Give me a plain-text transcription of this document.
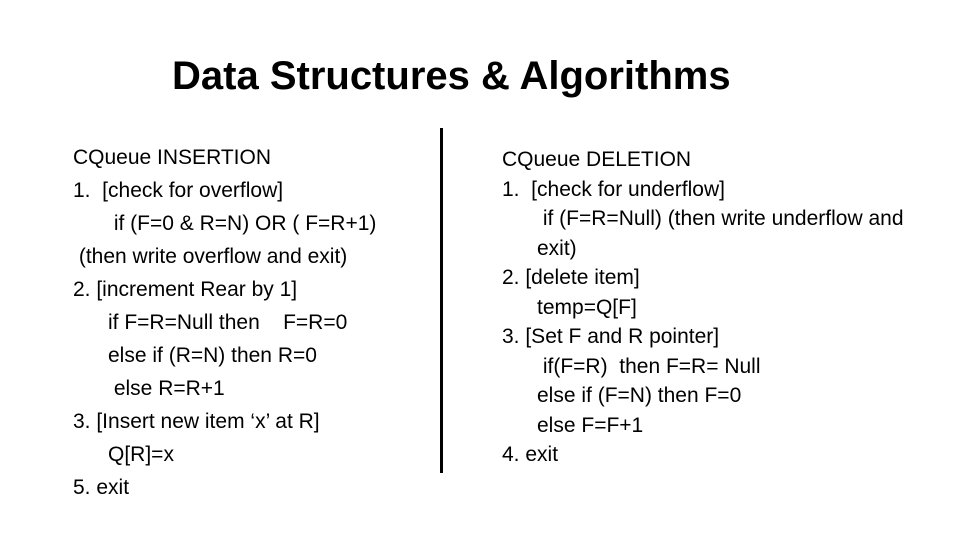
Data Structures & Algorithms
CQueue INSERTION
1.  [check for overflow]
if (F=0 & R=N) OR ( F=R+1)
(then write overflow and exit)
2. [increment Rear by 1]
if F=R=Null then    F=R=0
else if (R=N) then R=0
else R=R+1
3. [Insert new item ‘x’ at R]
Q[R]=x
5. exit
CQueue DELETION
1.  [check for underflow]
if (F=R=Null) (then write underflow and
exit)
2. [delete item]
temp=Q[F]
3. [Set F and R pointer]
if(F=R)  then F=R= Null
else if (F=N) then F=0
else F=F+1
4. exit
